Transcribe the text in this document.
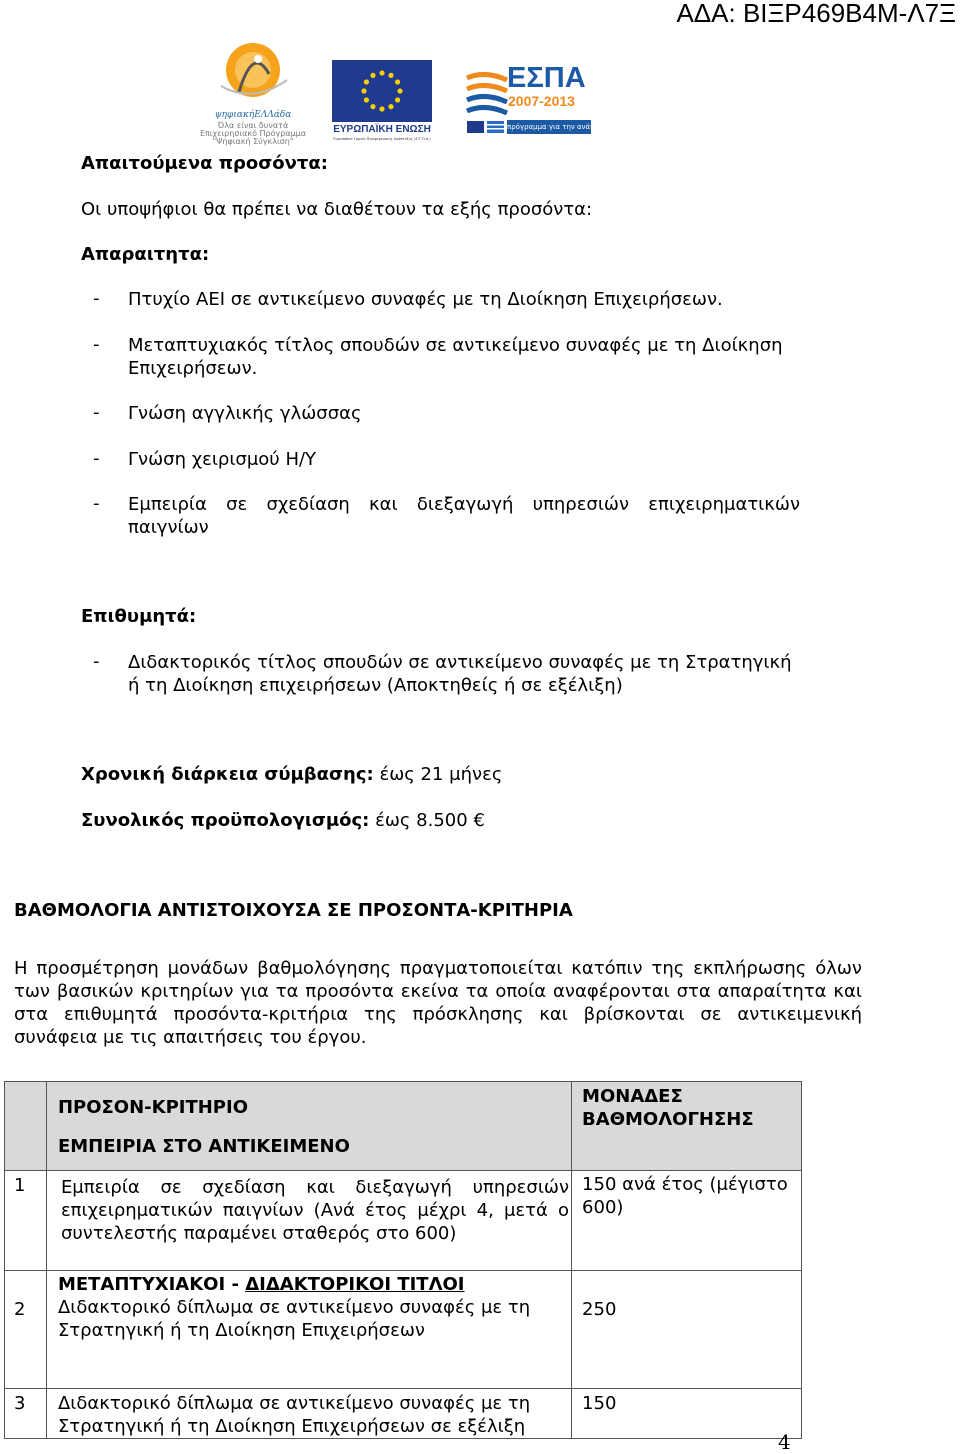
ΑΔΑ: ΒΙΞΡ469Β4Μ-Λ7Ξ
ψηφιακήΕΛΛάδα
Όλα είναι δυνατά
Επιχειρησιακό Πρόγραμμα
"Ψηφιακή Σύγκλιση"
ΕΥΡΩΠΑΪΚΗ ΕΝΩΣΗ
Ευρωπαϊκό Ταμείο Περιφερειακής Ανάπτυξης (Ε.Τ.Π.Α.)
ΕΣΠΑ
2007-2013
πρόγραμμα για την ανάπτυξη
Απαιτούμενα προσόντα:
Οι υποψήφιοι θα πρέπει να διαθέτουν τα εξής προσόντα:
Απαραιτητα:
- Πτυχίο ΑΕΙ σε αντικείμενο συναφές με τη Διοίκηση Επιχειρήσεων.
- Μεταπτυχιακός τίτλος σπουδών σε αντικείμενο συναφές με τη Διοίκηση Επιχειρήσεων.
- Γνώση αγγλικής γλώσσας
- Γνώση χειρισμού Η/Υ
- Εμπειρία σε σχεδίαση και διεξαγωγή υπηρεσιών επιχειρηματικών παιγνίων
Επιθυμητά:
- Διδακτορικός τίτλος σπουδών σε αντικείμενο συναφές με τη Στρατηγική ή τη Διοίκηση επιχειρήσεων (Αποκτηθείς ή σε εξέλιξη)
Χρονική διάρκεια σύμβασης: έως 21 μήνες
Συνολικός προϋπολογισμός: έως 8.500 €
ΒΑΘΜΟΛΟΓΙΑ ΑΝΤΙΣΤΟΙΧΟΥΣΑ ΣΕ ΠΡΟΣΟΝΤΑ-ΚΡΙΤΗΡΙΑ
Η προσμέτρηση μονάδων βαθμολόγησης πραγματοποιείται κατόπιν της εκπλήρωσης όλων των βασικών κριτηρίων για τα προσόντα εκείνα τα οποία αναφέρονται στα απαραίτητα και στα επιθυμητά προσόντα-κριτήρια της πρόσκλησης και βρίσκονται σε αντικειμενική συνάφεια με τις απαιτήσεις του έργου.

	ΠΡΟΣΟΝ-ΚΡΙΤΗΡΙΟ
ΕΜΠΕΙΡΙΑ ΣΤΟ ΑΝΤΙΚΕΙΜΕΝΟ	ΜΟΝΑΔΕΣ ΒΑΘΜΟΛΟΓΗΣΗΣ

1	Εμπειρία σε σχεδίαση και διεξαγωγή υπηρεσιών επιχειρηματικών παιγνίων (Ανά έτος μέχρι 4, μετά ο συντελεστής παραμένει σταθερός στο 600)	150 ανά έτος (μέγιστο 600)
2	ΜΕΤΑΠΤΥΧΙΑΚΟΙ - ΔΙΔΑΚΤΟΡΙΚΟΙ ΤΙΤΛΟΙ
Διδακτορικό δίπλωμα σε αντικείμενο συναφές με τη Στρατηγική ή τη Διοίκηση Επιχειρήσεων	250
3	Διδακτορικό δίπλωμα σε αντικείμενο συναφές με τη Στρατηγική ή τη Διοίκηση Επιχειρήσεων σε εξέλιξη	150
4
